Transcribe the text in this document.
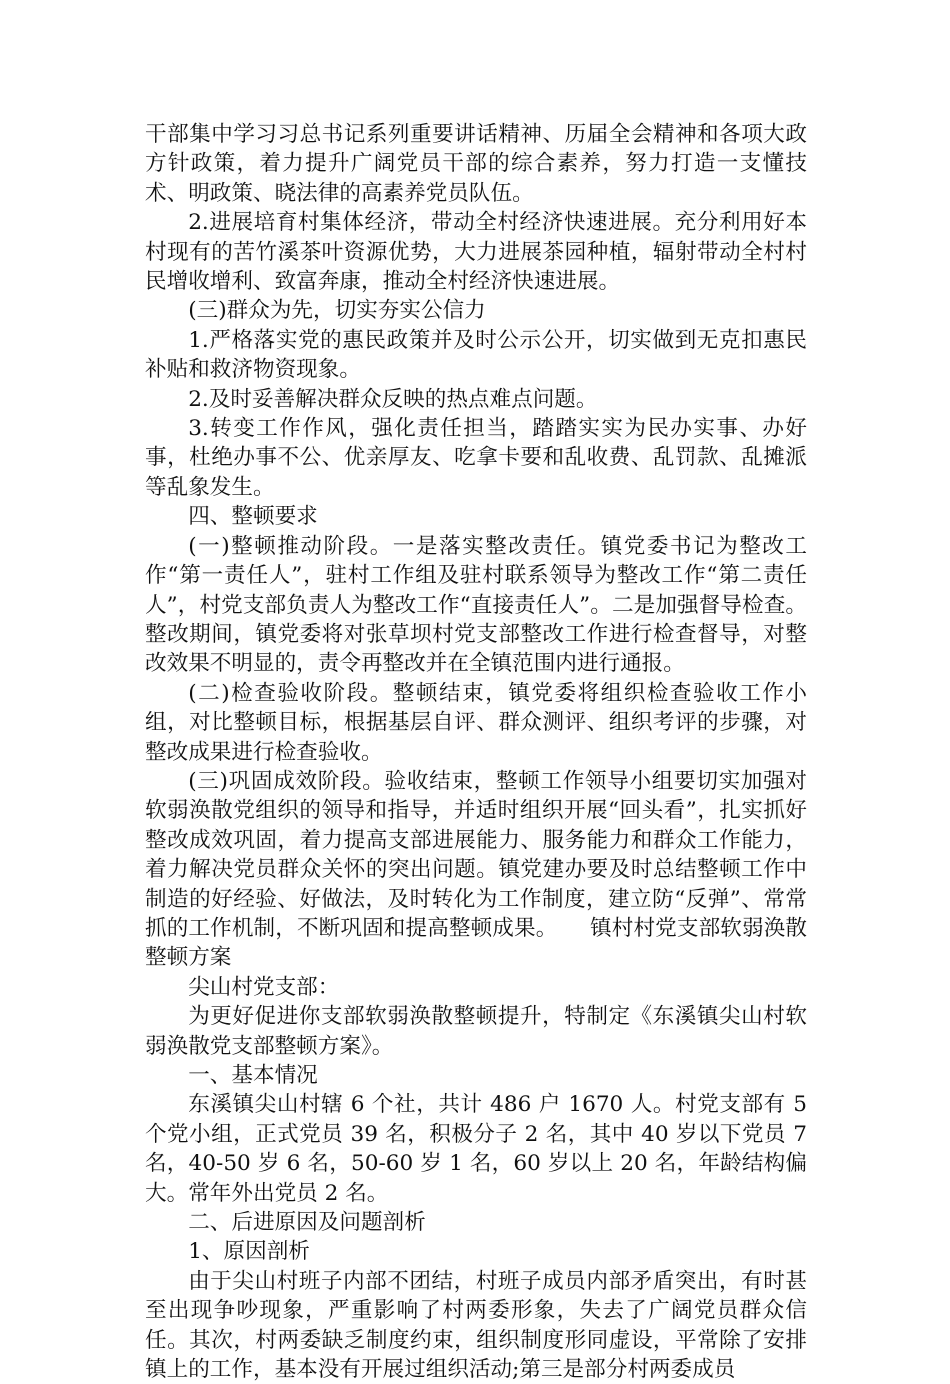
干部集中学习习总书记系列重要讲话精神、历届全会精神和各项大政方针政策，着力提升广阔党员干部的综合素养，努力打造一支懂技术、明政策、晓法律的高素养党员队伍。

2.进展培育村集体经济，带动全村经济快速进展。充分利用好本村现有的苦竹溪茶叶资源优势，大力进展茶园种植，辐射带动全村村民增收增利、致富奔康，推动全村经济快速进展。

(三)群众为先，切实夯实公信力

1.严格落实党的惠民政策并及时公示公开，切实做到无克扣惠民补贴和救济物资现象。

2.及时妥善解决群众反映的热点难点问题。

3.转变工作作风，强化责任担当，踏踏实实为民办实事、办好事，杜绝办事不公、优亲厚友、吃拿卡要和乱收费、乱罚款、乱摊派等乱象发生。

四、整顿要求

(一)整顿推动阶段。一是落实整改责任。镇党委书记为整改工作“第一责任人”，驻村工作组及驻村联系领导为整改工作“第二责任人”，村党支部负责人为整改工作“直接责任人”。二是加强督导检查。整改期间，镇党委将对张草坝村党支部整改工作进行检查督导，对整改效果不明显的，责令再整改并在全镇范围内进行通报。

(二)检查验收阶段。整顿结束，镇党委将组织检查验收工作小组，对比整顿目标，根据基层自评、群众测评、组织考评的步骤，对整改成果进行检查验收。

(三)巩固成效阶段。验收结束，整顿工作领导小组要切实加强对软弱涣散党组织的领导和指导，并适时组织开展“回头看”，扎实抓好整改成效巩固，着力提高支部进展能力、服务能力和群众工作能力，着力解决党员群众关怀的突出问题。镇党建办要及时总结整顿工作中制造的好经验、好做法，及时转化为工作制度，建立防“反弹”、常常抓的工作机制，不断巩固和提高整顿成果。　　镇村村党支部软弱涣散整顿方案

尖山村党支部：

为更好促进你支部软弱涣散整顿提升，特制定《东溪镇尖山村软弱涣散党支部整顿方案》。

一、基本情况

东溪镇尖山村辖 6 个社，共计 486 户 1670 人。村党支部有 5 个党小组，正式党员 39 名，积极分子 2 名，其中 40 岁以下党员 7 名，40-50 岁 6 名，50-60 岁 1 名，60 岁以上 20 名，年龄结构偏大。常年外出党员 2 名。

二、后进原因及问题剖析

1、原因剖析

由于尖山村班子内部不团结，村班子成员内部矛盾突出，有时甚至出现争吵现象，严重影响了村两委形象，失去了广阔党员群众信任。其次，村两委缺乏制度约束，组织制度形同虚设，平常除了安排镇上的工作，基本没有开展过组织活动;第三是部分村两委成员
